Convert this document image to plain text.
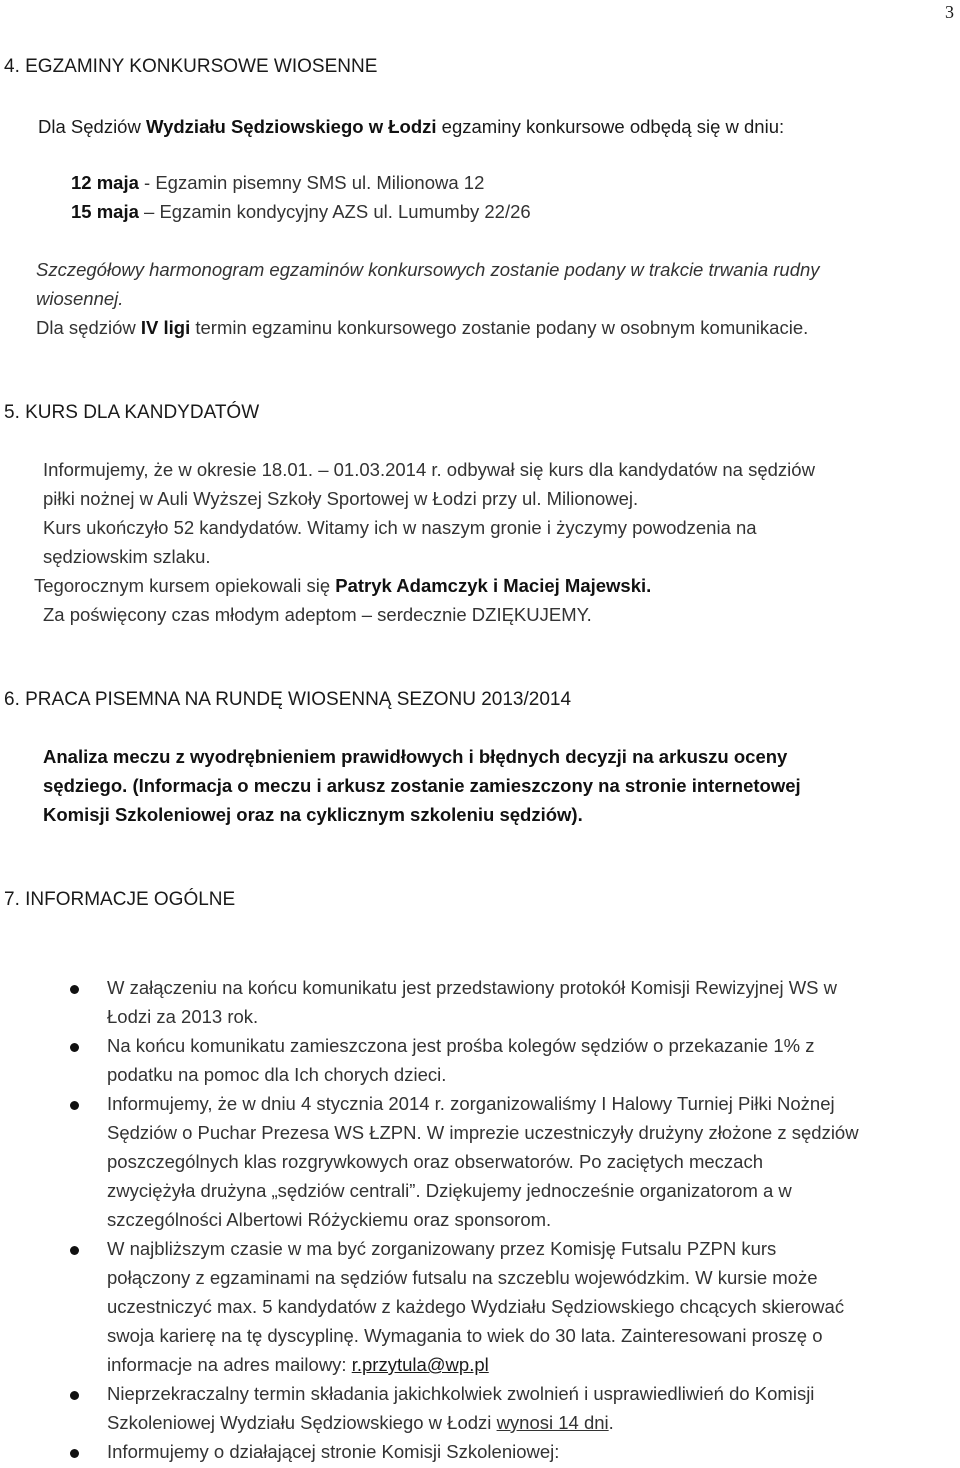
3
4. EGZAMINY KONKURSOWE WIOSENNE
Dla Sędziów Wydziału Sędziowskiego w Łodzi egzaminy konkursowe odbędą się w dniu:
12 maja - Egzamin pisemny SMS ul. Milionowa 12
15 maja – Egzamin kondycyjny AZS ul. Lumumby 22/26
Szczegółowy harmonogram egzaminów konkursowych zostanie podany w trakcie trwania rudny
wiosennej.
Dla sędziów IV ligi termin egzaminu konkursowego zostanie podany w osobnym komunikacie.
5. KURS DLA KANDYDATÓW
Informujemy, że w okresie 18.01. – 01.03.2014 r. odbywał się kurs dla kandydatów na sędziów
piłki nożnej w Auli Wyższej Szkoły Sportowej w Łodzi przy ul. Milionowej.
Kurs ukończyło 52 kandydatów. Witamy ich w naszym gronie i życzymy powodzenia na
sędziowskim szlaku.
Tegorocznym kursem opiekowali się Patryk Adamczyk i Maciej Majewski.
Za poświęcony czas młodym adeptom – serdecznie DZIĘKUJEMY.
6. PRACA PISEMNA NA RUNDĘ WIOSENNĄ SEZONU 2013/2014
Analiza meczu z wyodrębnieniem prawidłowych i błędnych decyzji na arkuszu oceny
sędziego. (Informacja o meczu i arkusz zostanie zamieszczony na stronie internetowej
Komisji Szkoleniowej oraz na cyklicznym szkoleniu sędziów).
7. INFORMACJE OGÓLNE
W załączeniu na końcu komunikatu jest przedstawiony protokół Komisji Rewizyjnej WS w
Łodzi za 2013 rok.
Na końcu komunikatu zamieszczona jest prośba kolegów sędziów o przekazanie 1% z
podatku na pomoc dla Ich chorych dzieci.
Informujemy, że w dniu 4 stycznia 2014 r. zorganizowaliśmy I Halowy Turniej Piłki Nożnej
Sędziów o Puchar Prezesa WS ŁZPN. W imprezie uczestniczyły drużyny złożone z sędziów
poszczególnych klas rozgrywkowych oraz obserwatorów. Po zaciętych meczach
zwyciężyła drużyna „sędziów centrali”. Dziękujemy jednocześnie organizatorom a w
szczególności Albertowi Różyckiemu oraz sponsorom.
W najbliższym czasie w ma być zorganizowany przez Komisję Futsalu PZPN kurs
połączony z egzaminami na sędziów futsalu na szczeblu wojewódzkim. W kursie może
uczestniczyć max. 5 kandydatów z każdego Wydziału Sędziowskiego chcących skierować
swoja karierę na tę dyscyplinę. Wymagania to wiek do 30 lata. Zainteresowani proszę o
informacje na adres mailowy: r.przytula@wp.pl
Nieprzekraczalny termin składania jakichkolwiek zwolnień i usprawiedliwień do Komisji
Szkoleniowej Wydziału Sędziowskiego w Łodzi wynosi 14 dni.
Informujemy o działającej stronie Komisji Szkoleniowej:
